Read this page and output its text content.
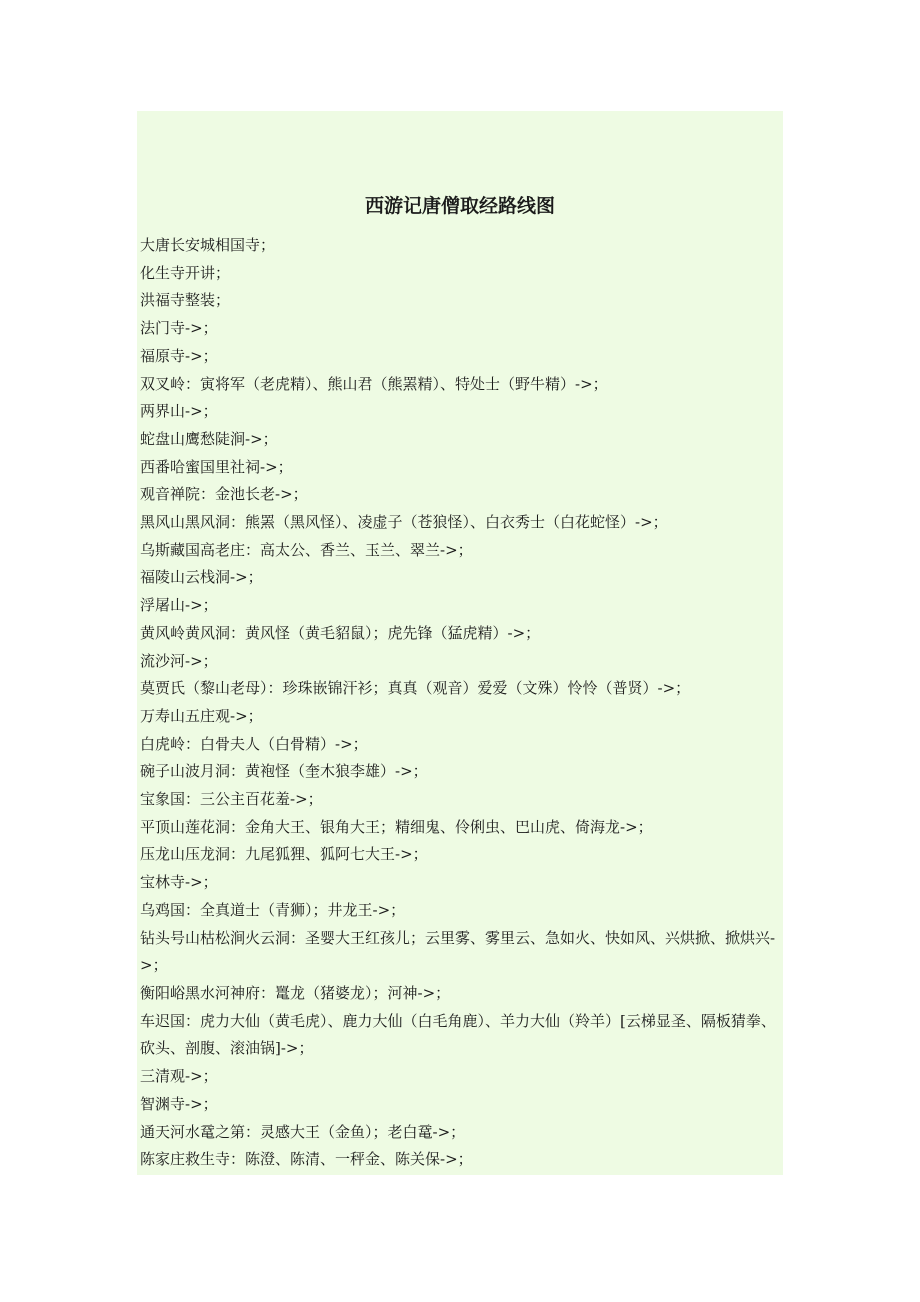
西游记唐僧取经路线图
大唐长安城相国寺；
化生寺开讲；
洪福寺整装；
法门寺->；
福原寺->；
双叉岭：寅将军（老虎精）、熊山君（熊罴精）、特处士（野牛精）->；
两界山->；
蛇盘山鹰愁陡涧->；
西番哈蜜国里社祠->；
观音禅院：金池长老->；
黑风山黑风洞：熊罴（黑风怪）、凌虚子（苍狼怪）、白衣秀士（白花蛇怪）->；
乌斯藏国高老庄：高太公、香兰、玉兰、翠兰->；
福陵山云栈洞->；
浮屠山->；
黄风岭黄风洞：黄风怪（黄毛貂鼠）；虎先锋（猛虎精）->；
流沙河->；
莫贾氏（黎山老母）：珍珠嵌锦汗衫；真真（观音）爱爱（文殊）怜怜（普贤）->；
万寿山五庄观->；
白虎岭：白骨夫人（白骨精）->；
碗子山波月洞：黄袍怪（奎木狼李雄）->；
宝象国：三公主百花羞->；
平顶山莲花洞：金角大王、银角大王；精细鬼、伶俐虫、巴山虎、倚海龙->；
压龙山压龙洞：九尾狐狸、狐阿七大王->；
宝林寺->；
乌鸡国：全真道士（青狮）；井龙王->；
钻头号山枯松涧火云洞：圣婴大王红孩儿；云里雾、雾里云、急如火、快如风、兴烘掀、掀烘兴->；
衡阳峪黑水河神府：鼍龙（猪婆龙）；河神->；
车迟国：虎力大仙（黄毛虎）、鹿力大仙（白毛角鹿）、羊力大仙（羚羊）[云梯显圣、隔板猜拳、砍头、剖腹、滚油锅]->；
三清观->；
智渊寺->；
通天河水鼋之第：灵感大王（金鱼）；老白鼋->；
陈家庄救生寺：陈澄、陈清、一秤金、陈关保->；
